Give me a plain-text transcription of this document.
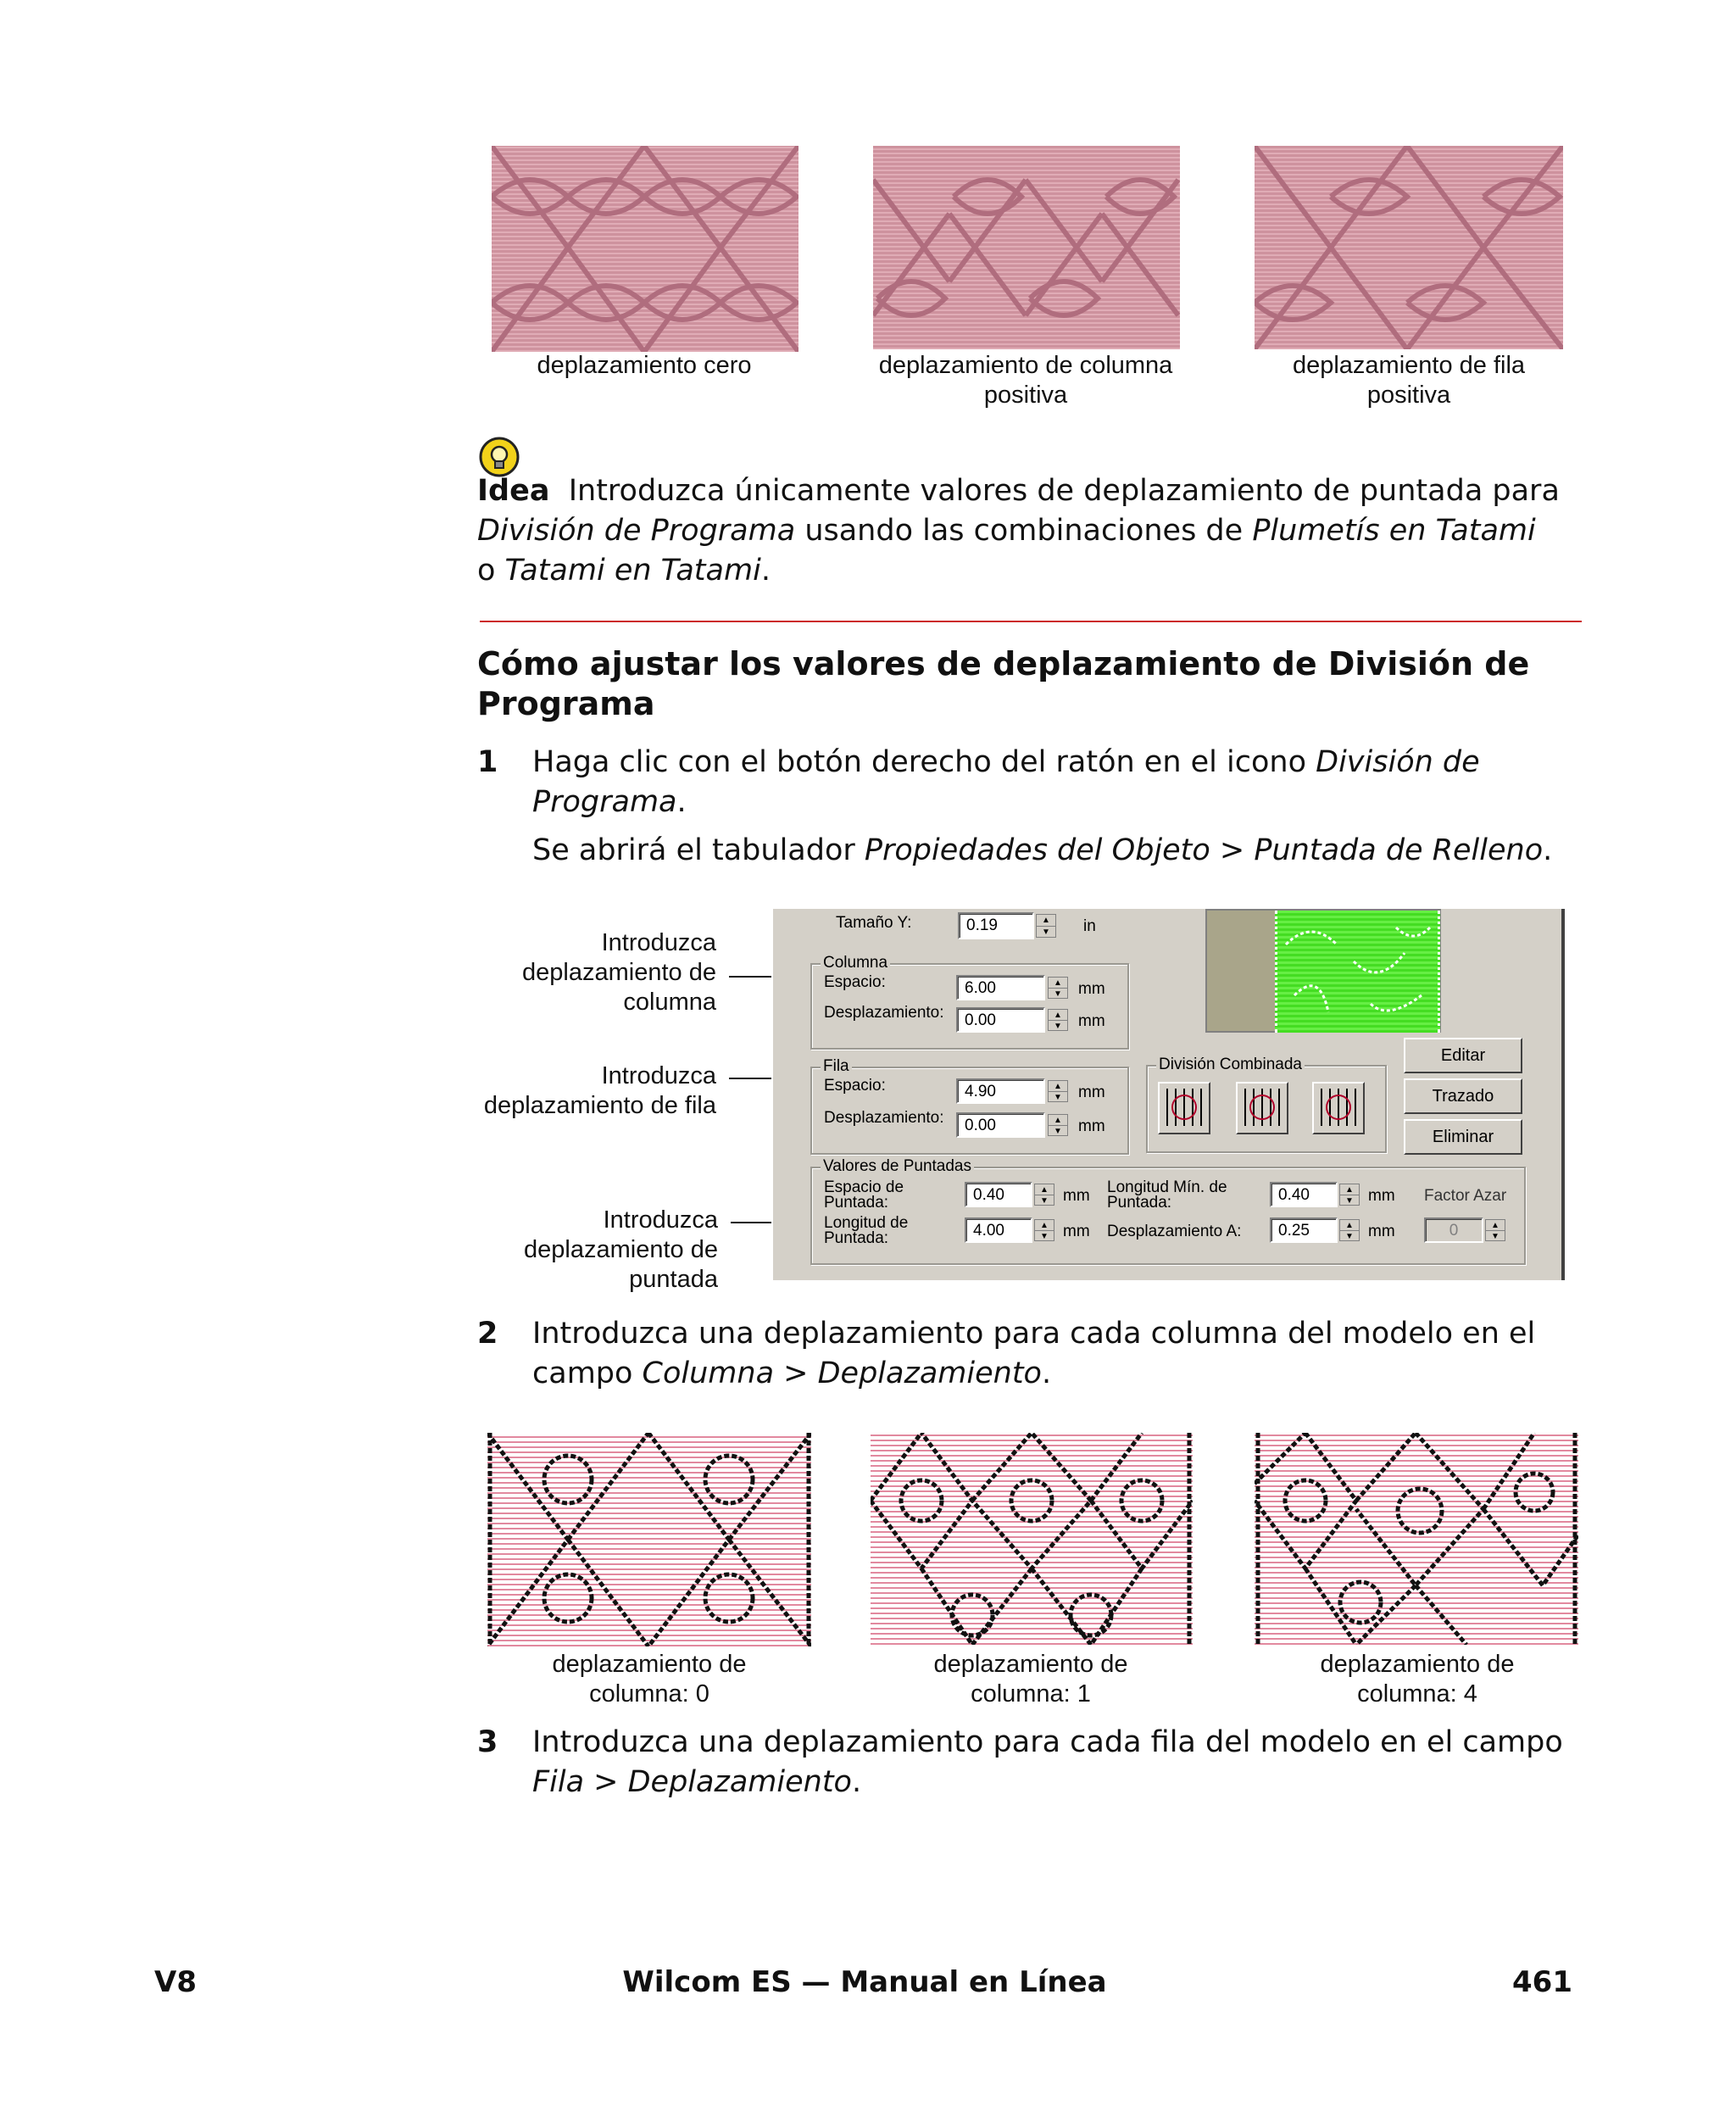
deplazamiento cero	deplazamiento de columna
positiva
deplazamiento de fila
positiva
Idea Introduzca únicamente valores de deplazamiento de puntada para
División de Programa usando las combinaciones de Plumetís en Tatami
o Tatami en Tatami.
Cómo ajustar los valores de deplazamiento de División de
Programa
1 Haga clic con el botón derecho del ratón en el icono División de
Programa.
Se abrirá el tabulador Propiedades del Objeto > Puntada de Relleno.
Introduzca
deplazamiento de
columna
Introduzca
deplazamiento de fila
Introduzca
deplazamiento de
puntada
Tamaño Y:	0.19	▲
▼	in
Columna
Espacio:	6.00	▲
▼	mm
Desplazamiento:	0.00	▲
▼	mm
Fila
Espacio:	4.90	▲
▼	mm
Desplazamiento:	0.00	▲
▼	mm
Editar
Trazado
Eliminar
División Combinada
Valores de Puntadas
Espacio de
Puntada:	0.40	▲
▼ mm
Longitud de
Puntada:	4.00	▲
▼ mm
Longitud Mín. de
Puntada:	0.40	▲
▼ mm
Desplazamiento A:	0.25	▲
▼ mm
Factor Azar
0	▲
▼
2 Introduzca una deplazamiento para cada columna del modelo en el
campo Columna > Deplazamiento.
deplazamiento de
columna: 0
deplazamiento de
columna: 1
deplazamiento de
columna: 4
3 Introduzca una deplazamiento para cada fila del modelo en el campo
Fila > Deplazamiento.
V8	Wilcom ES — Manual en Línea	461
